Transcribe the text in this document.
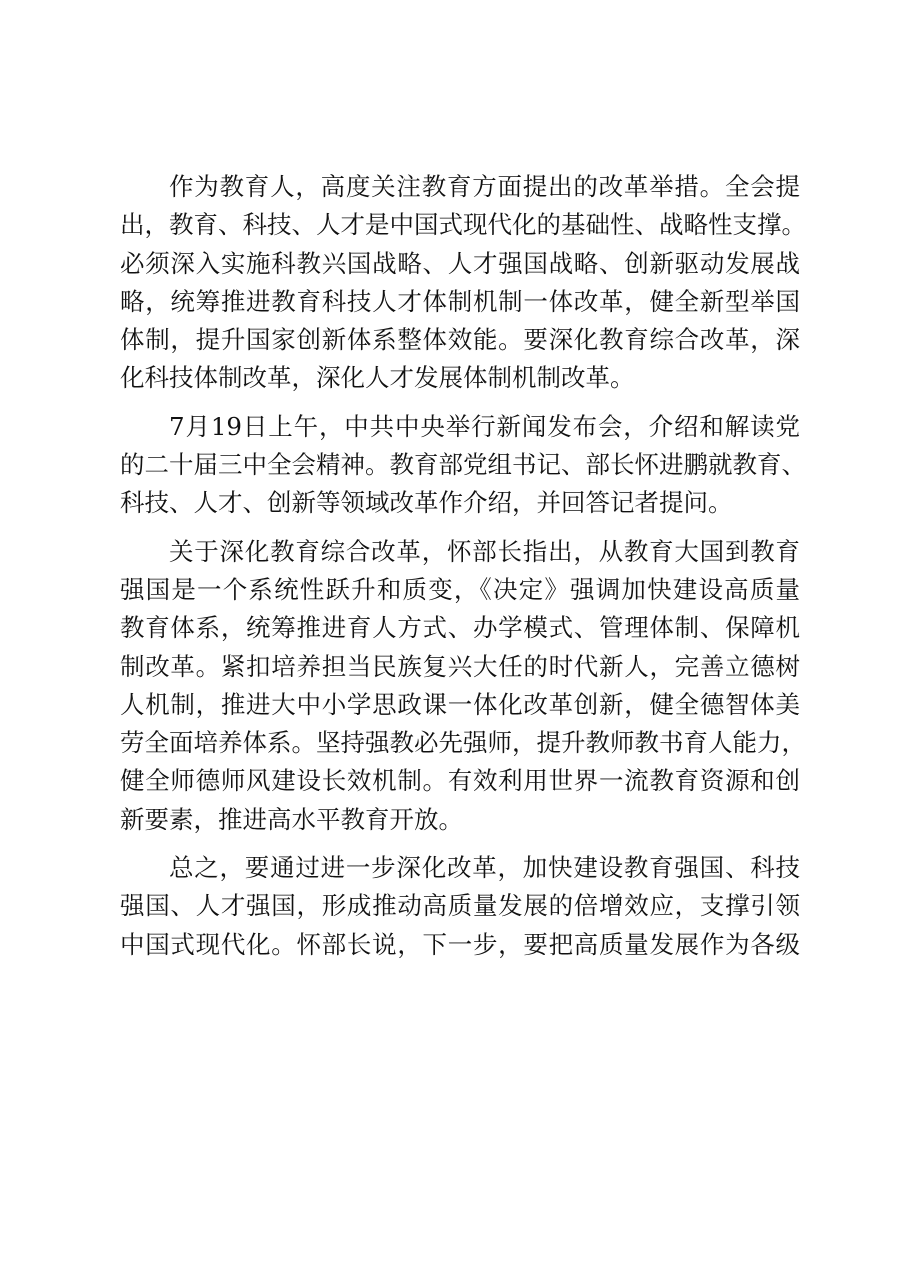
作为教育人，高度关注教育方面提出的改革举措。全会提
出，教育、科技、人才是中国式现代化的基础性、战略性支撑。
必须深入实施科教兴国战略、人才强国战略、创新驱动发展战
略，统筹推进教育科技人才体制机制一体改革，健全新型举国
体制，提升国家创新体系整体效能。要深化教育综合改革，深
化科技体制改革，深化人才发展体制机制改革。
7月19日上午，中共中央举行新闻发布会，介绍和解读党
的二十届三中全会精神。教育部党组书记、部长怀进鹏就教育、
科技、人才、创新等领域改革作介绍，并回答记者提问。
关于深化教育综合改革，怀部长指出，从教育大国到教育
强国是一个系统性跃升和质变，《决定》强调加快建设高质量
教育体系，统筹推进育人方式、办学模式、管理体制、保障机
制改革。紧扣培养担当民族复兴大任的时代新人，完善立德树
人机制，推进大中小学思政课一体化改革创新，健全德智体美
劳全面培养体系。坚持强教必先强师，提升教师教书育人能力，
健全师德师风建设长效机制。有效利用世界一流教育资源和创
新要素，推进高水平教育开放。
总之，要通过进一步深化改革，加快建设教育强国、科技
强国、人才强国，形成推动高质量发展的倍增效应，支撑引领
中国式现代化。怀部长说，下一步，要把高质量发展作为各级
